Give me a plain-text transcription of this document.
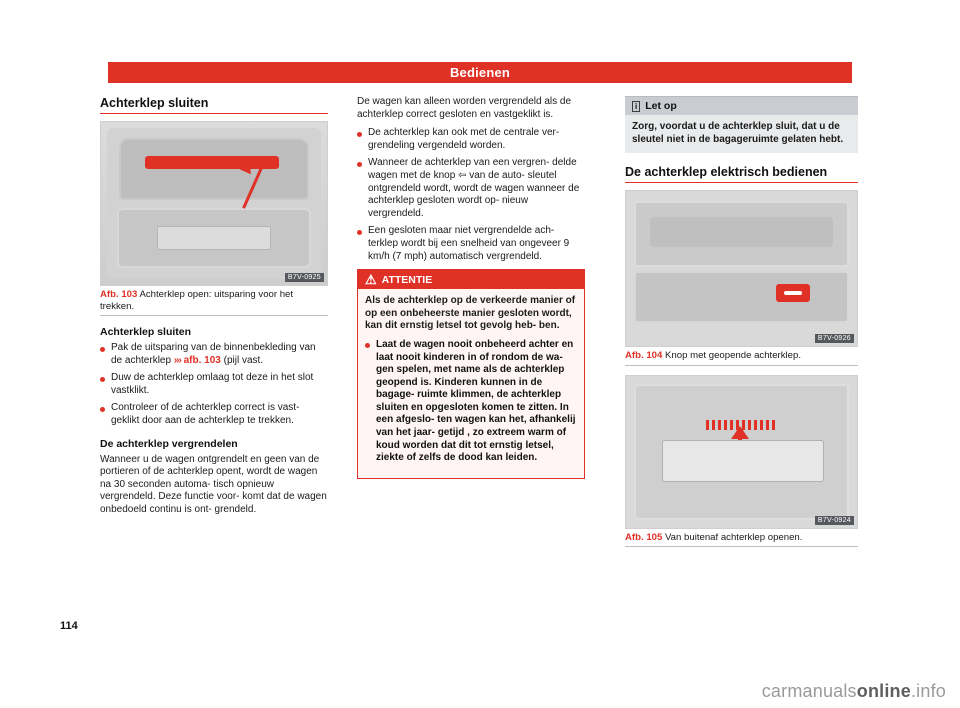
Bedienen
Achterklep sluiten
B7V-0925
Afb. 103 Achterklep open: uitsparing voor het trekken.
Achterklep sluiten
Pak de uitsparing van de binnenbekleding van de achterklep ››› afb. 103 (pijl vast.
Duw de achterklep omlaag tot deze in het slot vastklikt.
Controleer of de achterklep correct is vast- geklikt door aan de achterklep te trekken.
De achterklep vergrendelen

Wanneer u de wagen ontgrendelt en geen van de portieren of de achterklep opent, wordt de wagen na 30 seconden automa- tisch opnieuw vergrendeld. Deze functie voor- komt dat de wagen onbedoeld continu is ont- grendeld.

De wagen kan alleen worden vergrendeld als de achterklep correct gesloten en vastgeklikt is.

De achterklep kan ook met de centrale ver- grendeling vergendeld worden.
Wanneer de achterklep van een vergren- delde wagen met de knop ⇦ van de auto- sleutel ontgrendeld wordt, wordt de wagen wanneer de achterklep gesloten wordt op- nieuw vergrendeld.
Een gesloten maar niet vergrendelde ach- terklep wordt bij een snelheid van ongeveer 9 km/h (7 mph) automatisch vergrendeld.
⚠ ATTENTIE

Als de achterklep op de verkeerde manier of op een onbeheerste manier gesloten wordt, kan dit ernstig letsel tot gevolg heb- ben.

Laat de wagen nooit onbeheerd achter en laat nooit kinderen in of rondom de wa- gen spelen, met name als de achterklep geopend is. Kinderen kunnen in de bagage- ruimte klimmen, de achterklep sluiten en opgesloten komen te zitten. In een afgeslo- ten wagen kan het, afhankelij van het jaar- getijd , zo extreem warm of koud worden dat dit tot ernstig letsel, ziekte of zelfs de dood kan leiden.
i Let op
Zorg, voordat u de achterklep sluit, dat u de sleutel niet in de bagageruimte gelaten hebt.
De achterklep elektrisch bedienen
B7V-0926
Afb. 104 Knop met geopende achterklep.
B7V-0924
Afb. 105 Van buitenaf achterklep openen.
114
carmanualsonline.info
